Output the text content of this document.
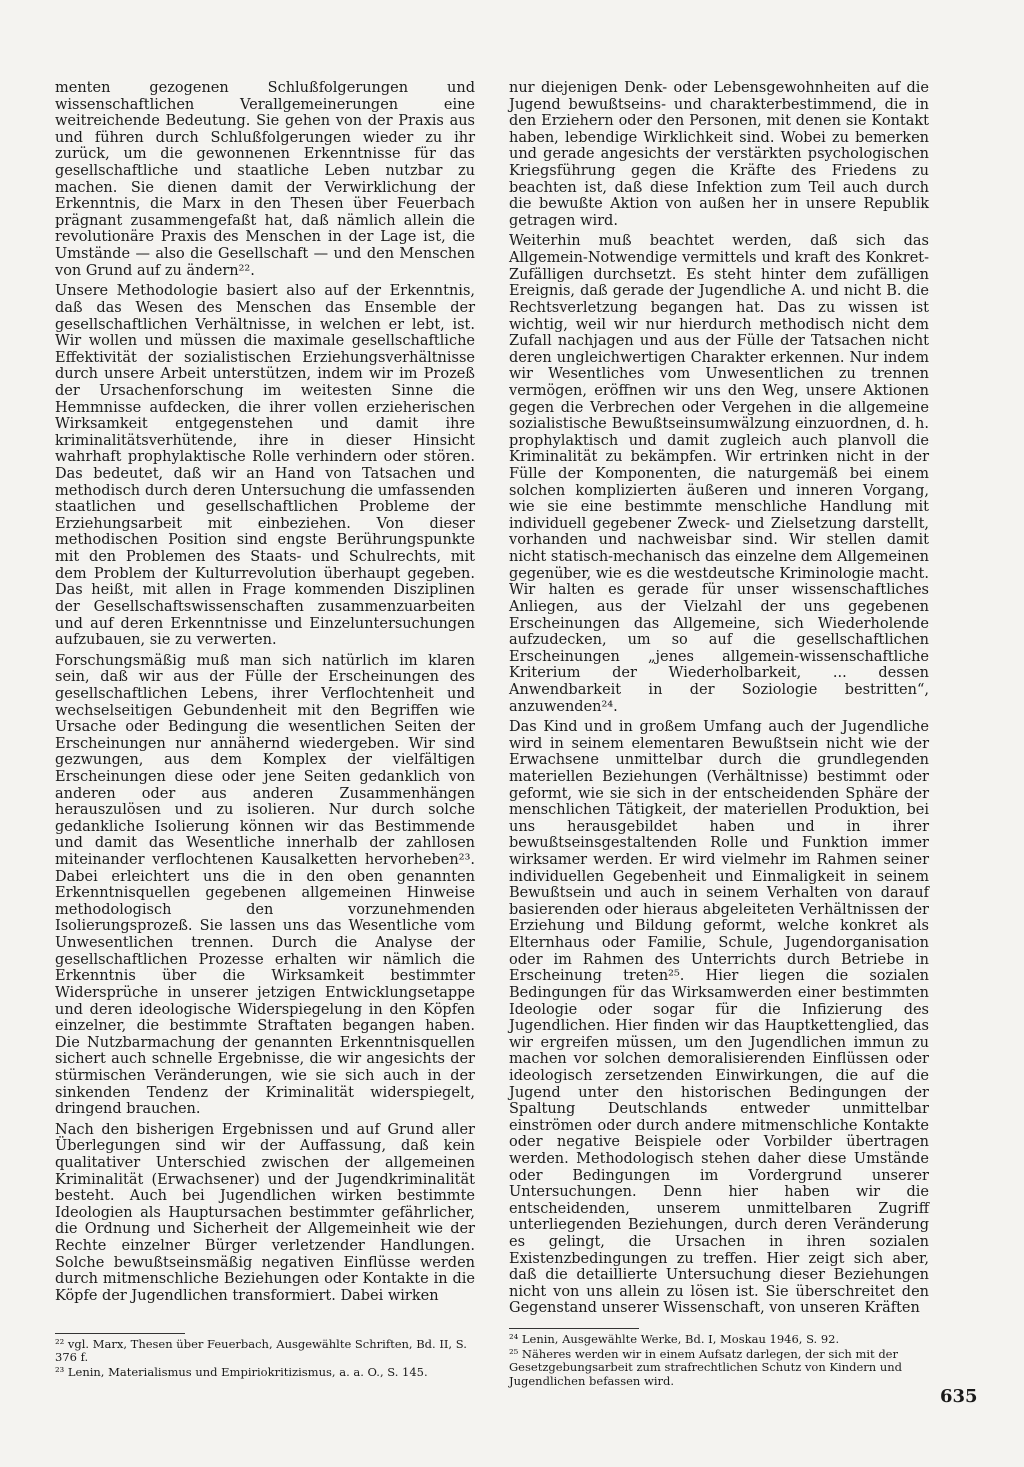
menten gezogenen Schlußfolgerungen und wissenschaftlichen Verallgemeinerungen eine weitreichende Bedeutung. Sie gehen von der Praxis aus und führen durch Schlußfolgerungen wieder zu ihr zurück, um die gewonnenen Erkenntnisse für das gesellschaftliche und staatliche Leben nutzbar zu machen. Sie dienen damit der Verwirklichung der Erkenntnis, die Marx in den Thesen über Feuerbach prägnant zusammengefaßt hat, daß nämlich allein die revolutionäre Praxis des Menschen in der Lage ist, die Umstände — also die Gesellschaft — und den Menschen von Grund auf zu ändern²².

Unsere Methodologie basiert also auf der Erkenntnis, daß das Wesen des Menschen das Ensemble der gesellschaftlichen Verhältnisse, in welchen er lebt, ist. Wir wollen und müssen die maximale gesellschaftliche Effektivität der sozialistischen Erziehungsverhältnisse durch unsere Arbeit unterstützen, indem wir im Prozeß der Ursachenforschung im weitesten Sinne die Hemmnisse aufdecken, die ihrer vollen erzieherischen Wirksamkeit entgegenstehen und damit ihre kriminalitätsverhütende, ihre in dieser Hinsicht wahrhaft prophylaktische Rolle verhindern oder stören. Das bedeutet, daß wir an Hand von Tatsachen und methodisch durch deren Untersuchung die umfassenden staatlichen und gesellschaftlichen Probleme der Erziehungsarbeit mit einbeziehen. Von dieser methodischen Position sind engste Berührungspunkte mit den Problemen des Staats- und Schulrechts, mit dem Problem der Kulturrevolution überhaupt gegeben. Das heißt, mit allen in Frage kommenden Disziplinen der Gesellschaftswissenschaften zusammenzuarbeiten und auf deren Erkenntnisse und Einzeluntersuchungen aufzubauen, sie zu verwerten.

Forschungsmäßig muß man sich natürlich im klaren sein, daß wir aus der Fülle der Erscheinungen des gesellschaftlichen Lebens, ihrer Verflochtenheit und wechselseitigen Gebundenheit mit den Begriffen wie Ursache oder Bedingung die wesentlichen Seiten der Erscheinungen nur annähernd wiedergeben. Wir sind gezwungen, aus dem Komplex der vielfältigen Erscheinungen diese oder jene Seiten gedanklich von anderen oder aus anderen Zusammenhängen herauszulösen und zu isolieren. Nur durch solche gedankliche Isolierung können wir das Bestimmende und damit das Wesentliche innerhalb der zahllosen miteinander verflochtenen Kausalketten hervorheben²³. Dabei erleichtert uns die in den oben genannten Erkenntnisquellen gegebenen allgemeinen Hinweise methodologisch den vorzunehmenden Isolierungsprozeß. Sie lassen uns das Wesentliche vom Unwesentlichen trennen. Durch die Analyse der gesellschaftlichen Prozesse erhalten wir nämlich die Erkenntnis über die Wirksamkeit bestimmter Widersprüche in unserer jetzigen Entwicklungsetappe und deren ideologische Widerspiegelung in den Köpfen einzelner, die bestimmte Straftaten begangen haben. Die Nutzbarmachung der genannten Erkenntnisquellen sichert auch schnelle Ergebnisse, die wir angesichts der stürmischen Veränderungen, wie sie sich auch in der sinkenden Tendenz der Kriminalität widerspiegelt, dringend brauchen.

Nach den bisherigen Ergebnissen und auf Grund aller Überlegungen sind wir der Auffassung, daß kein qualitativer Unterschied zwischen der allgemeinen Kriminalität (Erwachsener) und der Jugendkriminalität besteht. Auch bei Jugendlichen wirken bestimmte Ideologien als Hauptursachen bestimmter gefährlicher, die Ordnung und Sicherheit der Allgemeinheit wie der Rechte einzelner Bürger verletzender Handlungen. Solche bewußtseinsmäßig negativen Einflüsse werden durch mitmenschliche Beziehungen oder Kontakte in die Köpfe der Jugendlichen transformiert. Dabei wirken

nur diejenigen Denk- oder Lebensgewohnheiten auf die Jugend bewußtseins- und charakterbestimmend, die in den Erziehern oder den Personen, mit denen sie Kontakt haben, lebendige Wirklichkeit sind. Wobei zu bemerken und gerade angesichts der verstärkten psychologischen Kriegsführung gegen die Kräfte des Friedens zu beachten ist, daß diese Infektion zum Teil auch durch die bewußte Aktion von außen her in unsere Republik getragen wird.

Weiterhin muß beachtet werden, daß sich das Allgemein-Notwendige vermittels und kraft des Konkret-Zufälligen durchsetzt. Es steht hinter dem zufälligen Ereignis, daß gerade der Jugendliche A. und nicht B. die Rechtsverletzung begangen hat. Das zu wissen ist wichtig, weil wir nur hierdurch methodisch nicht dem Zufall nachjagen und aus der Fülle der Tatsachen nicht deren ungleichwertigen Charakter erkennen. Nur indem wir Wesentliches vom Unwesentlichen zu trennen vermögen, eröffnen wir uns den Weg, unsere Aktionen gegen die Verbrechen oder Vergehen in die allgemeine sozialistische Bewußtseinsumwälzung einzuordnen, d. h. prophylaktisch und damit zugleich auch planvoll die Kriminalität zu bekämpfen. Wir ertrinken nicht in der Fülle der Komponenten, die naturgemäß bei einem solchen komplizierten äußeren und inneren Vorgang, wie sie eine bestimmte menschliche Handlung mit individuell gegebener Zweck- und Zielsetzung darstellt, vorhanden und nachweisbar sind. Wir stellen damit nicht statisch-mechanisch das einzelne dem Allgemeinen gegenüber, wie es die westdeutsche Kriminologie macht. Wir halten es gerade für unser wissenschaftliches Anliegen, aus der Vielzahl der uns gegebenen Erscheinungen das Allgemeine, sich Wiederholende aufzudecken, um so auf die gesellschaftlichen Erscheinungen „jenes allgemein-wissenschaftliche Kriterium der Wiederholbarkeit, ... dessen Anwendbarkeit in der Soziologie bestritten“, anzuwenden²⁴.

Das Kind und in großem Umfang auch der Jugendliche wird in seinem elementaren Bewußtsein nicht wie der Erwachsene unmittelbar durch die grundlegenden materiellen Beziehungen (Verhältnisse) bestimmt oder geformt, wie sie sich in der entscheidenden Sphäre der menschlichen Tätigkeit, der materiellen Produktion, bei uns herausgebildet haben und in ihrer bewußtseinsgestaltenden Rolle und Funktion immer wirksamer werden. Er wird vielmehr im Rahmen seiner individuellen Gegebenheit und Einmaligkeit in seinem Bewußtsein und auch in seinem Verhalten von darauf basierenden oder hieraus abgeleiteten Verhältnissen der Erziehung und Bildung geformt, welche konkret als Elternhaus oder Familie, Schule, Jugendorganisation oder im Rahmen des Unterrichts durch Betriebe in Erscheinung treten²⁵. Hier liegen die sozialen Bedingungen für das Wirksamwerden einer bestimmten Ideologie oder sogar für die Infizierung des Jugendlichen. Hier finden wir das Hauptkettenglied, das wir ergreifen müssen, um den Jugendlichen immun zu machen vor solchen demoralisierenden Einflüssen oder ideologisch zersetzenden Einwirkungen, die auf die Jugend unter den historischen Bedingungen der Spaltung Deutschlands entweder unmittelbar einströmen oder durch andere mitmenschliche Kontakte oder negative Beispiele oder Vorbilder übertragen werden. Methodologisch stehen daher diese Umstände oder Bedingungen im Vordergrund unserer Untersuchungen. Denn hier haben wir die entscheidenden, unserem unmittelbaren Zugriff unterliegenden Beziehungen, durch deren Veränderung es gelingt, die Ursachen in ihren sozialen Existenzbedingungen zu treffen. Hier zeigt sich aber, daß die detaillierte Untersuchung dieser Beziehungen nicht von uns allein zu lösen ist. Sie überschreitet den Gegenstand unserer Wissenschaft, von unseren Kräften

²² vgl. Marx, Thesen über Feuerbach, Ausgewählte Schriften, Bd. II, S. 376 f.

²³ Lenin, Materialismus und Empiriokritizismus, a. a. O., S. 145.

²⁴ Lenin, Ausgewählte Werke, Bd. I, Moskau 1946, S. 92.

²⁵ Näheres werden wir in einem Aufsatz darlegen, der sich mit der Gesetzgebungsarbeit zum strafrechtlichen Schutz von Kindern und Jugendlichen befassen wird.

635
